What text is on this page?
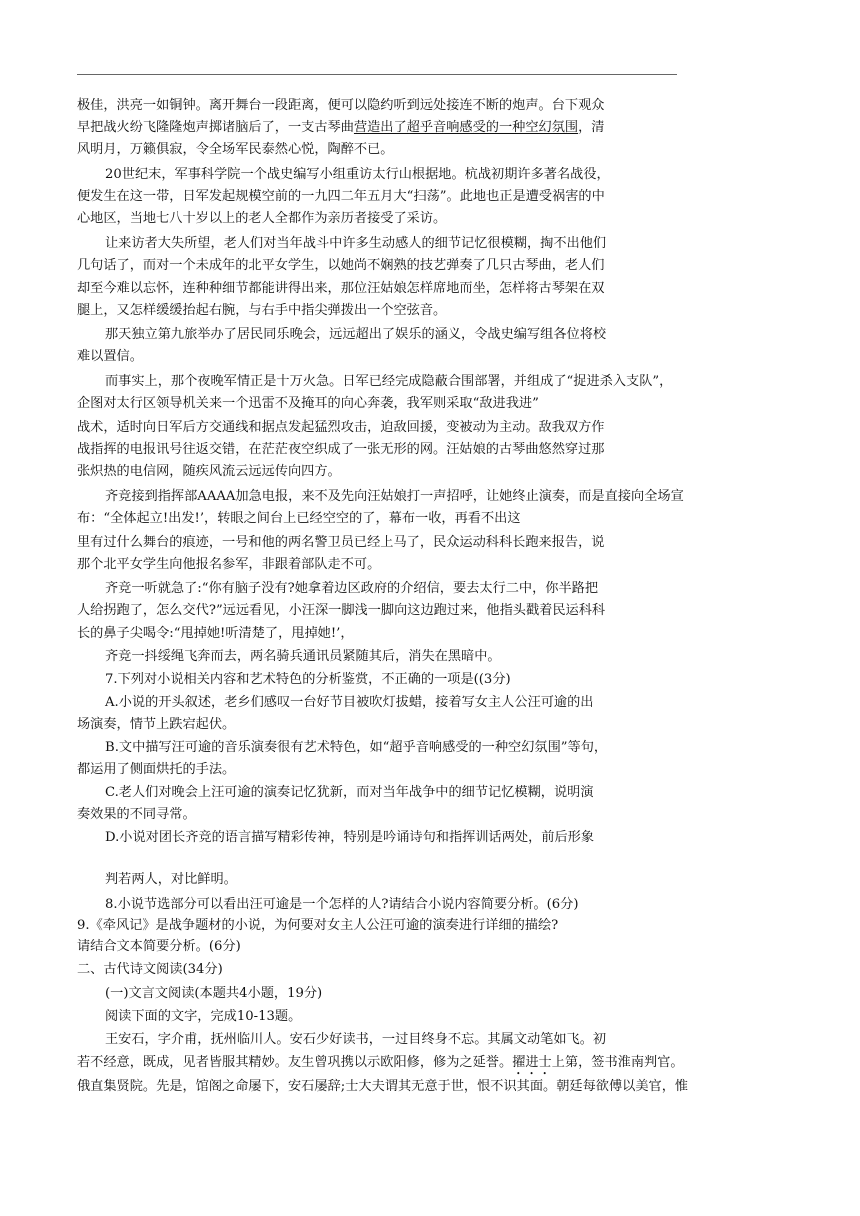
极佳，洪亮一如铜钟。离开舞台一段距离，便可以隐约听到远处接连不断的炮声。台下观众
早把战火纷飞隆隆炮声掷诸脑后了，一支古琴曲营造出了超乎音响感受的一种空幻氛围，清
风明月，万籁俱寂，令全场军民泰然心悦，陶醉不已。
20世纪末，军事科学院一个战史编写小组重访太行山根据地。杭战初期许多著名战役，
便发生在这一带，日军发起规模空前的一九四二年五月大“扫荡”。此地也正是遭受祸害的中
心地区，当地七八十岁以上的老人全都作为亲历者接受了采访。
让来访者大失所望，老人们对当年战斗中许多生动感人的细节记忆很模糊，掏不出他们
几句话了，而对一个未成年的北平女学生，以她尚不娴熟的技艺弹奏了几只古琴曲，老人们
却至今难以忘怀，连种种细节都能讲得出来，那位汪姑娘怎样席地而坐，怎样将古琴架在双
腿上，又怎样缓缓抬起右腕，与右手中指尖弹拨出一个空弦音。
那天独立第九旅举办了居民同乐晚会，远远超出了娱乐的涵义，令战史编写组各位将校
难以置信。
而事实上，那个夜晚军情正是十万火急。日军已经完成隐蔽合围部署，并组成了“捉进杀入支队”，
企图对太行区领导机关来一个迅雷不及掩耳的向心奔袭，我军则采取“敌进我进”
战术，适时向日军后方交通线和据点发起猛烈攻击，迫敌回援，变被动为主动。敌我双方作
战指挥的电报讯号往返交错，在茫茫夜空织成了一张无形的网。汪姑娘的古琴曲悠然穿过那
张炽热的电信网，随疾风流云远远传向四方。
齐竞接到指挥部AAAA加急电报，来不及先向汪姑娘打一声招呼，让她终止演奏，而是直接向全场宣
布：“全体起立!出发!’，转眼之间台上已经空空的了，幕布一收，再看不出这
里有过什么舞台的痕迹，一号和他的两名警卫员已经上马了，民众运动科科长跑来报告，说
那个北平女学生向他报名参军，非跟着部队走不可。
齐竞一听就急了:“你有脑子没有?她拿着边区政府的介绍信，要去太行二中，你半路把
人给拐跑了，怎么交代?”远远看见，小汪深一脚浅一脚向这边跑过来，他指头戳着民运科科
长的鼻子尖喝令:“甩掉她!听清楚了，甩掉她!’，
齐竞一抖绥绳飞奔而去，两名骑兵通讯员紧随其后，消失在黑暗中。
7.下列对小说相关内容和艺术特色的分析鉴赏，不正确的一项是((3分)
A.小说的开头叙述，老乡们感叹一台好节目被吹灯拔蜡，接着写女主人公汪可逾的出
场演奏，情节上跌宕起伏。
B.文中描写汪可逾的音乐演奏很有艺术特色，如“超乎音响感受的一种空幻氛围”等句，
都运用了侧面烘托的手法。
C.老人们对晚会上汪可逾的演奏记忆犹新，而对当年战争中的细节记忆模糊，说明演
奏效果的不同寻常。
D.小说对团长齐竞的语言描写精彩传神，特别是吟诵诗句和指挥训话两处，前后形象
判若两人，对比鲜明。
8.小说节选部分可以看出汪可逾是一个怎样的人?请结合小说内容简要分析。(6分)
9.《牵风记》是战争题材的小说，为何要对女主人公汪可逾的演奏进行详细的描绘?
请结合文本简要分析。(6分)
二、古代诗文阅读(34分)
(一)文言文阅读(本题共4小题，19分)
阅读下面的文字，完成10-13题。
王安石，字介甫，抚州临川人。安石少好读书，一过目终身不忘。其属文动笔如飞。初
若不经意，既成，见者皆服其精妙。友生曾巩携以示欧阳修，修为之延誉。擢进士上第，签书淮南判官。
俄直集贤院。先是，馆阁之命屡下，安石屡辞;士大夫谓其无意于世，恨不识其面。朝廷每欲傅以美官，惟
